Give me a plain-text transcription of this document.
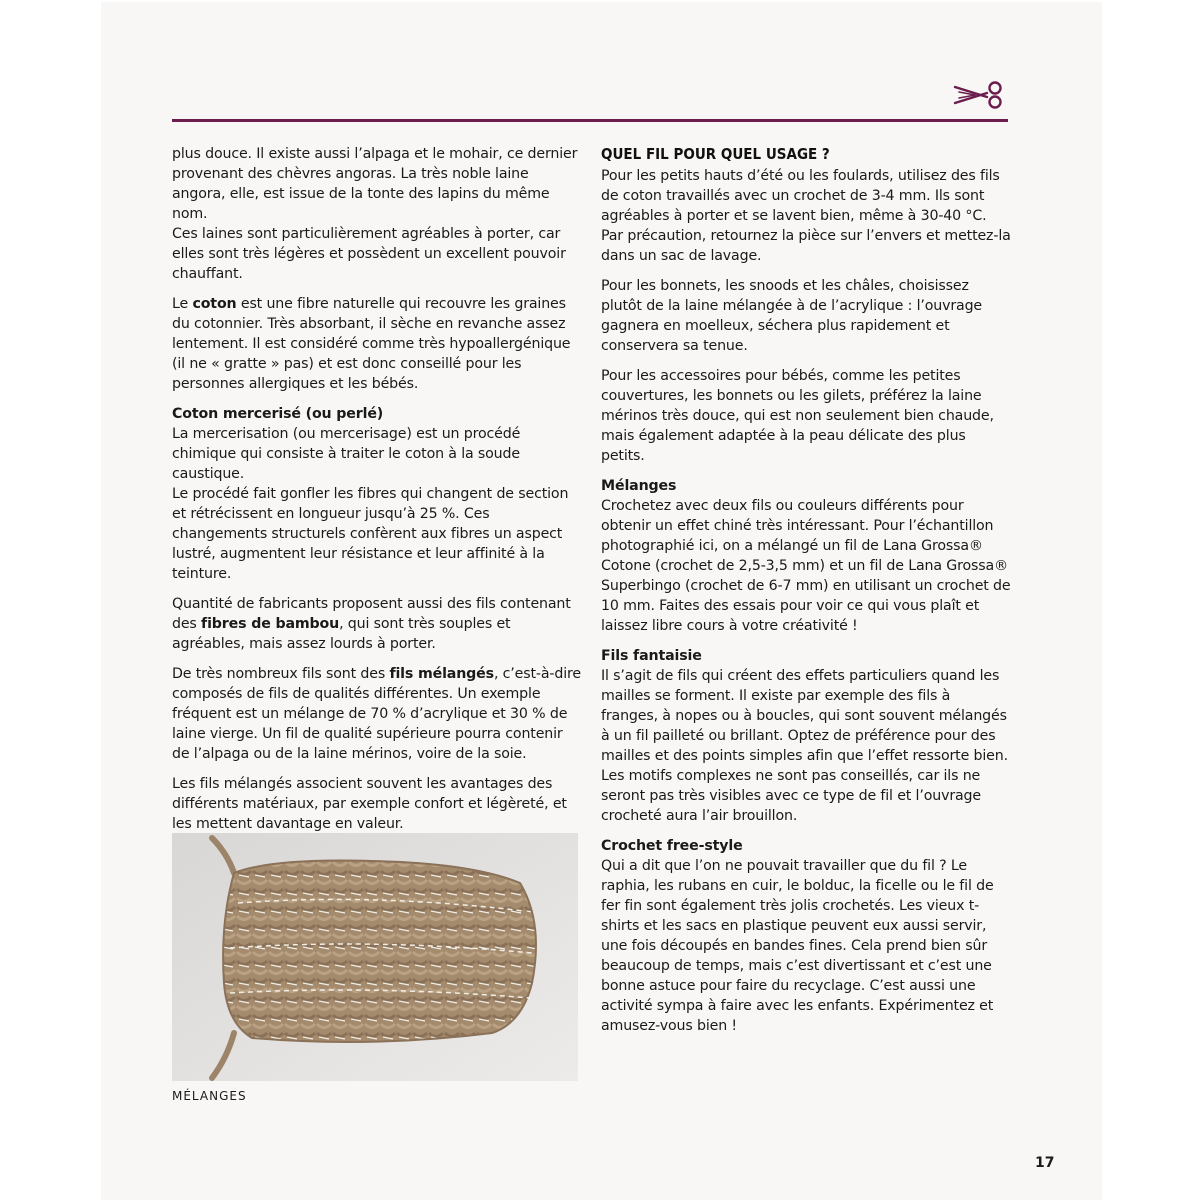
plus douce. Il existe aussi l’alpaga et le mohair, ce dernier provenant des chèvres angoras. La très noble laine angora, elle, est issue de la tonte des lapins du même nom.
Ces laines sont particulièrement agréables à porter, car elles sont très légères et possèdent un excellent pouvoir chauffant.

Le coton est une fibre naturelle qui recouvre les graines du cotonnier. Très absorbant, il sèche en revanche assez lentement. Il est considéré comme très hypoallergénique (il ne « gratte » pas) et est donc conseillé pour les personnes allergiques et les bébés.

Coton mercerisé (ou perlé)
La mercerisation (ou mercerisage) est un procédé chimique qui consiste à traiter le coton à la soude caustique.
Le procédé fait gonfler les fibres qui changent de section et rétrécissent en longueur jusqu’à 25 %. Ces changements structurels confèrent aux fibres un aspect lustré, augmentent leur résistance et leur affinité à la teinture.

Quantité de fabricants proposent aussi des fils contenant des fibres de bambou, qui sont très souples et agréables, mais assez lourds à porter.

De très nombreux fils sont des fils mélangés, c’est-à-dire composés de fils de qualités différentes. Un exemple fréquent est un mélange de 70 % d’acrylique et 30 % de laine vierge. Un fil de qualité supérieure pourra contenir de l’alpaga ou de la laine mérinos, voire de la soie.

Les fils mélangés associent souvent les avantages des différents matériaux, par exemple confort et légèreté, et les mettent davantage en valeur.

QUEL FIL POUR QUEL USAGE ?

Pour les petits hauts d’été ou les foulards, utilisez des fils de coton travaillés avec un crochet de 3-4 mm. Ils sont agréables à porter et se lavent bien, même à 30-40 °C.
Par précaution, retournez la pièce sur l’envers et mettez-la dans un sac de lavage.

Pour les bonnets, les snoods et les châles, choisissez plutôt de la laine mélangée à de l’acrylique : l’ouvrage gagnera en moelleux, séchera plus rapidement et conservera sa tenue.

Pour les accessoires pour bébés, comme les petites couvertures, les bonnets ou les gilets, préférez la laine mérinos très douce, qui est non seulement bien chaude, mais également adaptée à la peau délicate des plus petits.

Mélanges
Crochetez avec deux fils ou couleurs différents pour obtenir un effet chiné très intéressant. Pour l’échantillon photographié ici, on a mélangé un fil de Lana Grossa® Cotone (crochet de 2,5-3,5 mm) et un fil de Lana Grossa® Superbingo (crochet de 6-7 mm) en utilisant un crochet de 10 mm. Faites des essais pour voir ce qui vous plaît et laissez libre cours à votre créativité !

Fils fantaisie
Il s’agit de fils qui créent des effets particuliers quand les mailles se forment. Il existe par exemple des fils à franges, à nopes ou à boucles, qui sont souvent mélangés à un fil pailleté ou brillant. Optez de préférence pour des mailles et des points simples afin que l’effet ressorte bien. Les motifs complexes ne sont pas conseillés, car ils ne seront pas très visibles avec ce type de fil et l’ouvrage crocheté aura l’air brouillon.

Crochet free-style
Qui a dit que l’on ne pouvait travailler que du fil ? Le raphia, les rubans en cuir, le bolduc, la ficelle ou le fil de fer fin sont également très jolis crochetés. Les vieux t-shirts et les sacs en plastique peuvent eux aussi servir, une fois découpés en bandes fines. Cela prend bien sûr beaucoup de temps, mais c’est divertissant et c’est une bonne astuce pour faire du recyclage. C’est aussi une activité sympa à faire avec les enfants. Expérimentez et amusez-vous bien !

MÉLANGES
17
